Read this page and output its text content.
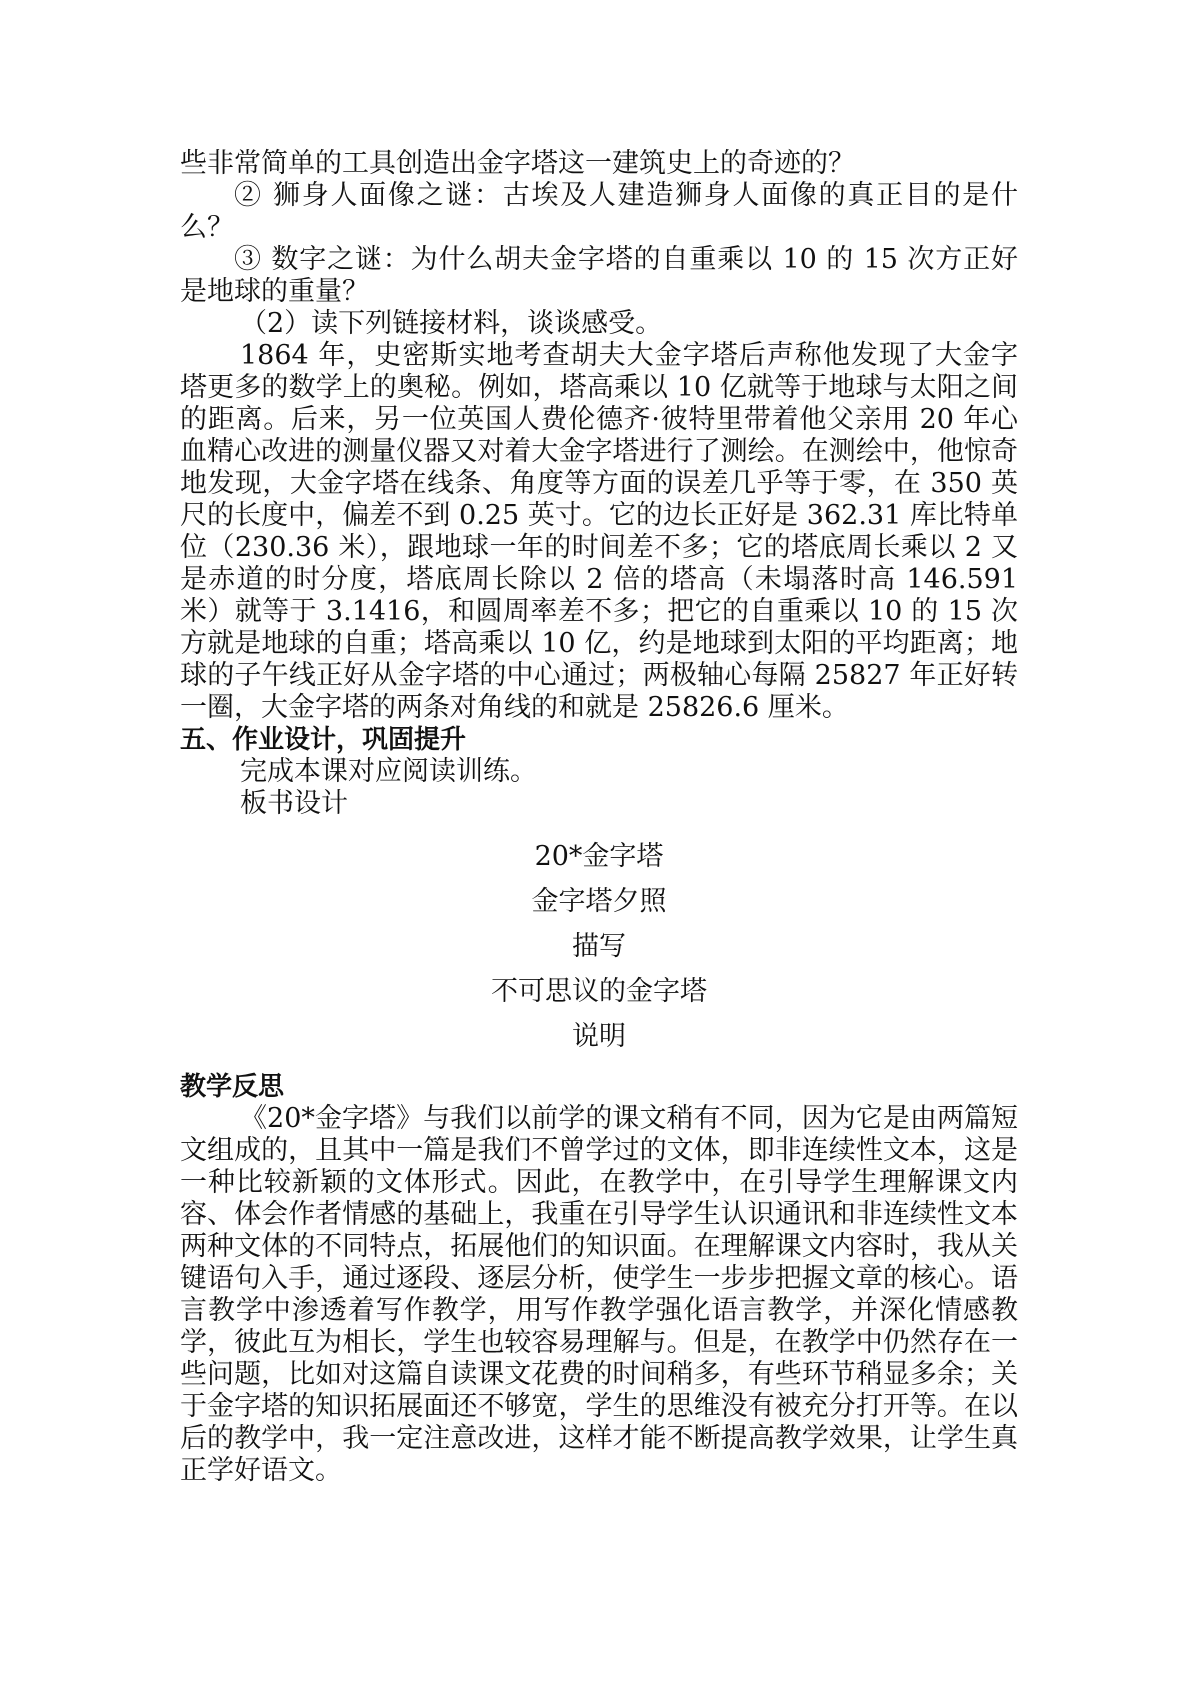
些非常简单的工具创造出金字塔这一建筑史上的奇迹的？

② 狮身人面像之谜：古埃及人建造狮身人面像的真正目的是什么？

③ 数字之谜：为什么胡夫金字塔的自重乘以 10 的 15 次方正好是地球的重量？

（2）读下列链接材料，谈谈感受。

1864 年，史密斯实地考查胡夫大金字塔后声称他发现了大金字塔更多的数学上的奥秘。例如，塔高乘以 10 亿就等于地球与太阳之间的距离。后来，另一位英国人费伦德齐·彼特里带着他父亲用 20 年心血精心改进的测量仪器又对着大金字塔进行了测绘。在测绘中，他惊奇地发现，大金字塔在线条、角度等方面的误差几乎等于零，在 350 英尺的长度中，偏差不到 0.25 英寸。它的边长正好是 362.31 库比特单位（230.36 米），跟地球一年的时间差不多；它的塔底周长乘以 2 又是赤道的时分度，塔底周长除以 2 倍的塔高（未塌落时高 146.591 米）就等于 3.1416，和圆周率差不多；把它的自重乘以 10 的 15 次方就是地球的自重；塔高乘以 10 亿，约是地球到太阳的平均距离；地球的子午线正好从金字塔的中心通过；两极轴心每隔 25827 年正好转一圈，大金字塔的两条对角线的和就是 25826.6 厘米。

五、作业设计，巩固提升

完成本课对应阅读训练。

板书设计

20*金字塔

金字塔夕照

描写

不可思议的金字塔

说明

教学反思

《20*金字塔》与我们以前学的课文稍有不同，因为它是由两篇短文组成的，且其中一篇是我们不曾学过的文体，即非连续性文本，这是一种比较新颖的文体形式。因此，在教学中，在引导学生理解课文内容、体会作者情感的基础上，我重在引导学生认识通讯和非连续性文本两种文体的不同特点，拓展他们的知识面。在理解课文内容时，我从关键语句入手，通过逐段、逐层分析，使学生一步步把握文章的核心。语言教学中渗透着写作教学，用写作教学强化语言教学，并深化情感教学，彼此互为相长，学生也较容易理解与。但是，在教学中仍然存在一些问题，比如对这篇自读课文花费的时间稍多，有些环节稍显多余；关于金字塔的知识拓展面还不够宽，学生的思维没有被充分打开等。在以后的教学中，我一定注意改进，这样才能不断提高教学效果，让学生真正学好语文。
